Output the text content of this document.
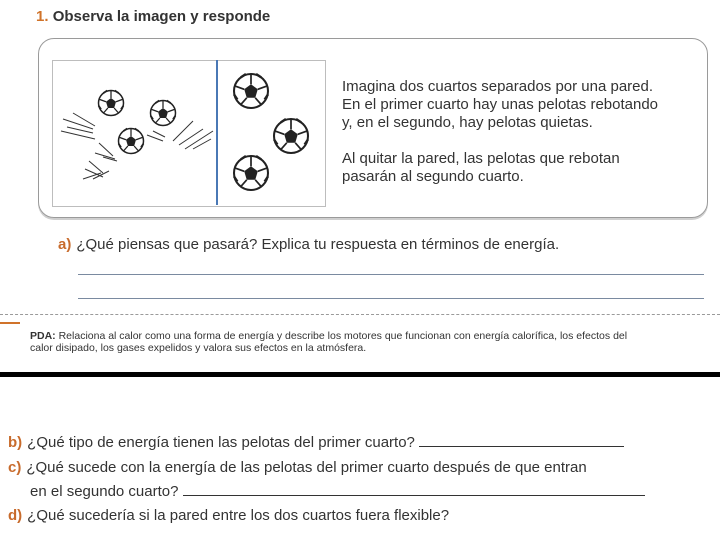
1. Observa la imagen y responde

Imagina dos cuartos separados por una pared.
En el primer cuarto hay unas pelotas rebotando
y, en el segundo, hay pelotas quietas.

Al quitar la pared, las pelotas que rebotan
pasarán al segundo cuarto.

a) ¿Qué piensas que pasará? Explica tu respuesta en términos de energía.
PDA: Relaciona al calor como una forma de energía y describe los motores que funcionan con energía calorífica, los efectos del
calor disipado, los gases expelidos y valora sus efectos en la atmósfera.
b) ¿Qué tipo de energía tienen las pelotas del primer cuarto?
c) ¿Qué sucede con la energía de las pelotas del primer cuarto después de que entran
en el segundo cuarto?
d) ¿Qué sucedería si la pared entre los dos cuartos fuera flexible?
